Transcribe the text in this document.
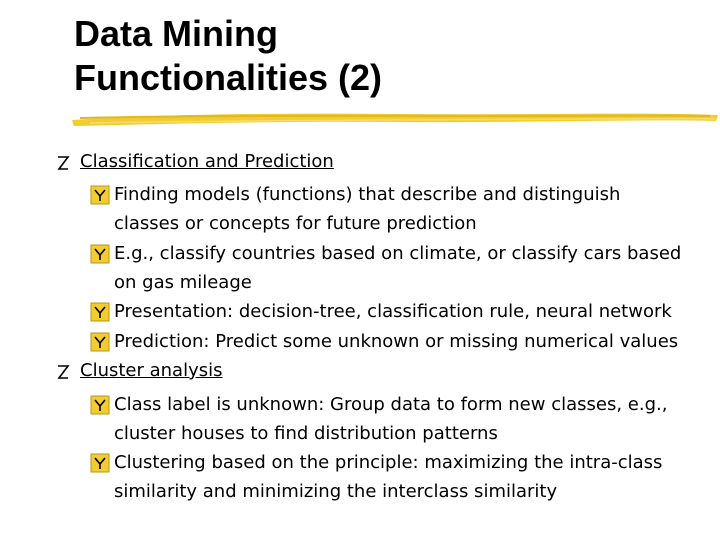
Data Mining
Functionalities (2)
Classification and Prediction
Finding models (functions) that describe and distinguish classes or concepts for future prediction
E.g., classify countries based on climate, or classify cars based on gas mileage
Presentation: decision-tree, classification rule, neural network
Prediction: Predict some unknown or missing numerical values
Cluster analysis
Class label is unknown: Group data to form new classes, e.g., cluster houses to find distribution patterns
Clustering based on the principle: maximizing the intra-class similarity and minimizing the interclass similarity
